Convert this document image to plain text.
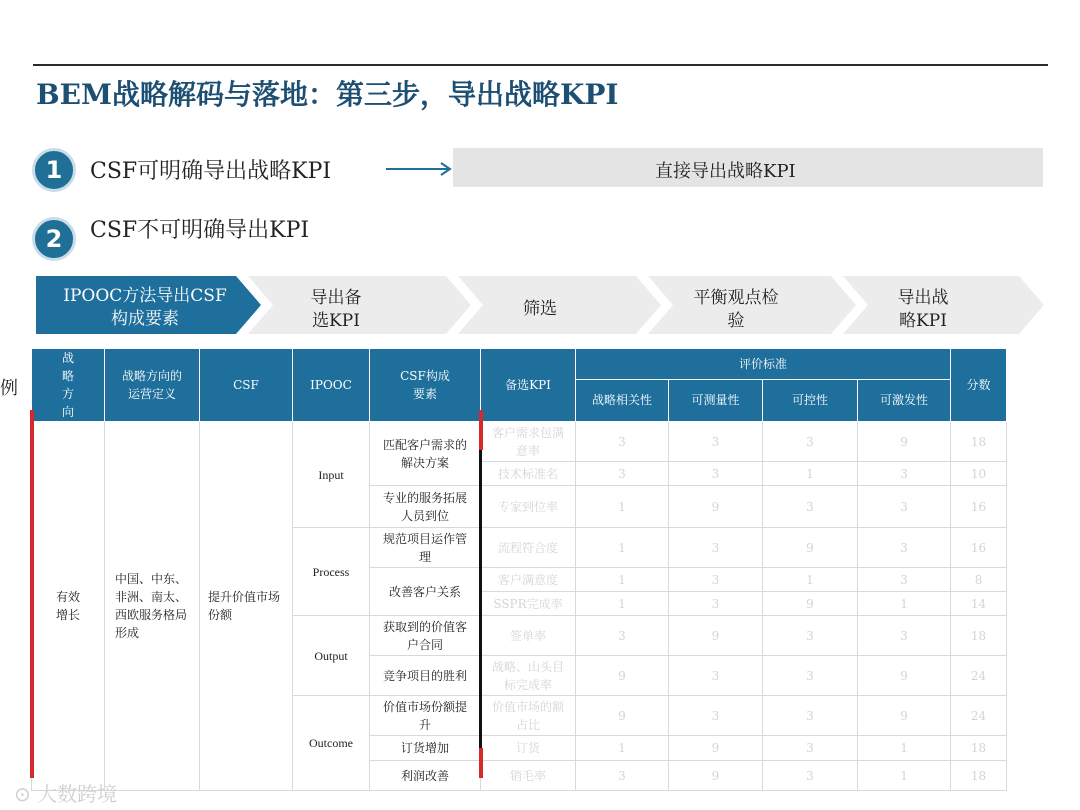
BEM战略解码与落地：第三步，导出战略KPI
1	CSF可明确导出战略KPI	直接导出战略KPI
2	CSF不可明确导出KPI
IPOOC方法导出CSF构成要素
导出备选KPI
筛选
平衡观点检验
导出战略KPI
例
战略方向	战略方向的运营定义	CSF	IPOOC	CSF构成要素	备选KPI	评价标准				分数
						战略相关性	可测量性	可控性	可激发性	
有效增长	中国、中东、非洲、南太、西欧服务格局形成	提升价值市场份额	Input	匹配客户需求的解决方案	客户需求包满意率	3	3	3	9	18
					技术标准名	3	3	1	3	10
				专业的服务拓展人员到位	专家到位率	1	9	3	3	16
			Process	规范项目运作管理	流程符合度	1	3	9	3	16
				改善客户关系	客户满意度	1	3	1	3	8
					SSPR完成率	1	3	9	1	14
			Output	获取到的价值客户合同	签单率	3	9	3	3	18
				竞争项目的胜利	战略、山头目标完成率	9	3	3	9	24
			Outcome	价值市场份额提升	价值市场的额占比	9	3	3	9	24
				订货增加	订货	1	9	3	1	18
				利润改善	销毛率	3	9	3	1	18
⊙ 大数跨境
